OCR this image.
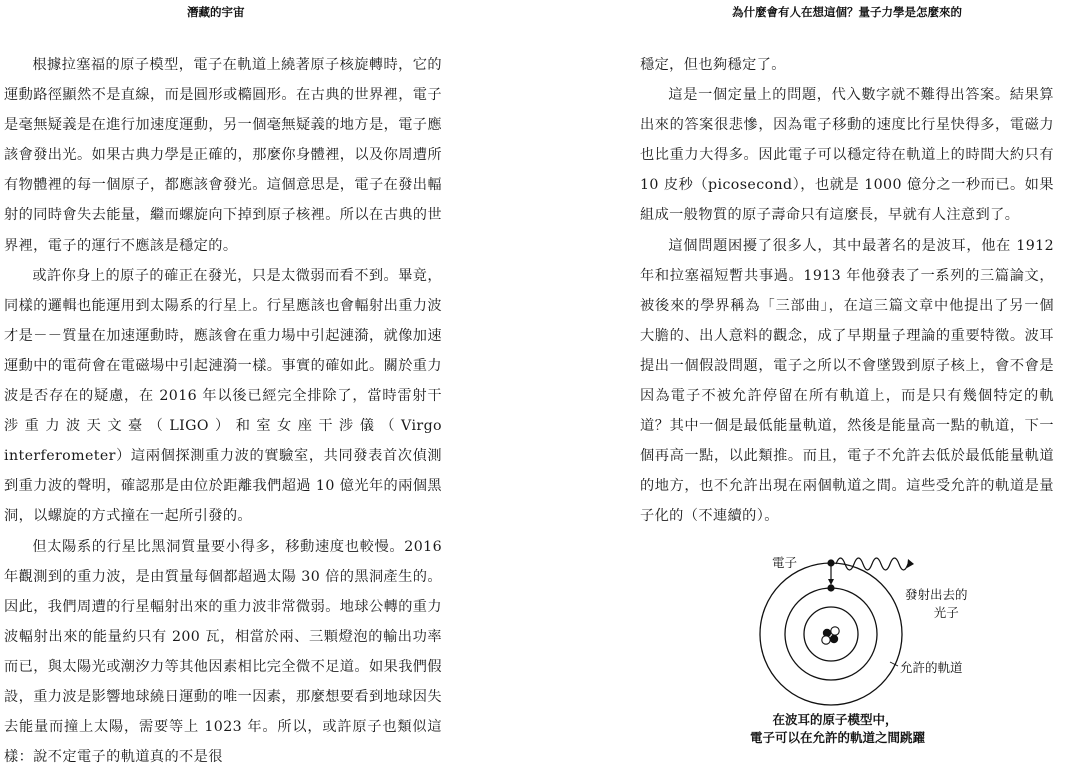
潛藏的宇宙	為什麼會有人在想這個？量子力學是怎麼來的

根據拉塞福的原子模型，電子在軌道上繞著原子核旋轉時，它的運動路徑顯然不是直線，而是圓形或橢圓形。在古典的世界裡，電子是毫無疑義是在進行加速度運動，另一個毫無疑義的地方是，電子應該會發出光。如果古典力學是正確的，那麼你身體裡，以及你周遭所有物體裡的每一個原子，都應該會發光。這個意思是，電子在發出輻射的同時會失去能量，繼而螺旋向下掉到原子核裡。所以在古典的世界裡，電子的運行不應該是穩定的。

或許你身上的原子的確正在發光，只是太微弱而看不到。畢竟，同樣的邏輯也能運用到太陽系的行星上。行星應該也會輻射出重力波才是－－質量在加速運動時，應該會在重力場中引起漣漪，就像加速運動中的電荷會在電磁場中引起漣漪一樣。事實的確如此。關於重力波是否存在的疑慮，在 2016 年以後已經完全排除了，當時雷射干涉重力波天文臺（LIGO）和室女座干涉儀（Virgo interferometer）這兩個探測重力波的實驗室，共同發表首次偵測到重力波的聲明，確認那是由位於距離我們超過 10 億光年的兩個黑洞，以螺旋的方式撞在一起所引發的。

但太陽系的行星比黑洞質量要小得多，移動速度也較慢。2016 年觀測到的重力波，是由質量每個都超過太陽 30 倍的黑洞產生的。因此，我們周遭的行星輻射出來的重力波非常微弱。地球公轉的重力波輻射出來的能量約只有 200 瓦，相當於兩、三顆燈泡的輸出功率而已，與太陽光或潮汐力等其他因素相比完全微不足道。如果我們假設，重力波是影響地球繞日運動的唯一因素，那麼想要看到地球因失去能量而撞上太陽，需要等上 1023 年。所以，或許原子也類似這樣：說不定電子的軌道真的不是很

穩定，但也夠穩定了。

這是一個定量上的問題，代入數字就不難得出答案。結果算出來的答案很悲慘，因為電子移動的速度比行星快得多，電磁力也比重力大得多。因此電子可以穩定待在軌道上的時間大約只有 10 皮秒（picosecond），也就是 1000 億分之一秒而已。如果組成一般物質的原子壽命只有這麼長，早就有人注意到了。

這個問題困擾了很多人，其中最著名的是波耳，他在 1912 年和拉塞福短暫共事過。1913 年他發表了一系列的三篇論文，被後來的學界稱為「三部曲」，在這三篇文章中他提出了另一個大膽的、出人意料的觀念，成了早期量子理論的重要特徵。波耳提出一個假設問題，電子之所以不會墜毀到原子核上，會不會是因為電子不被允許停留在所有軌道上，而是只有幾個特定的軌道？其中一個是最低能量軌道，然後是能量高一點的軌道，下一個再高一點，以此類推。而且，電子不允許去低於最低能量軌道的地方，也不允許出現在兩個軌道之間。這些受允許的軌道是量子化的（不連續的）。

電子
發射出去的
光子
允許的軌道
在波耳的原子模型中，
電子可以在允許的軌道之間跳躍
